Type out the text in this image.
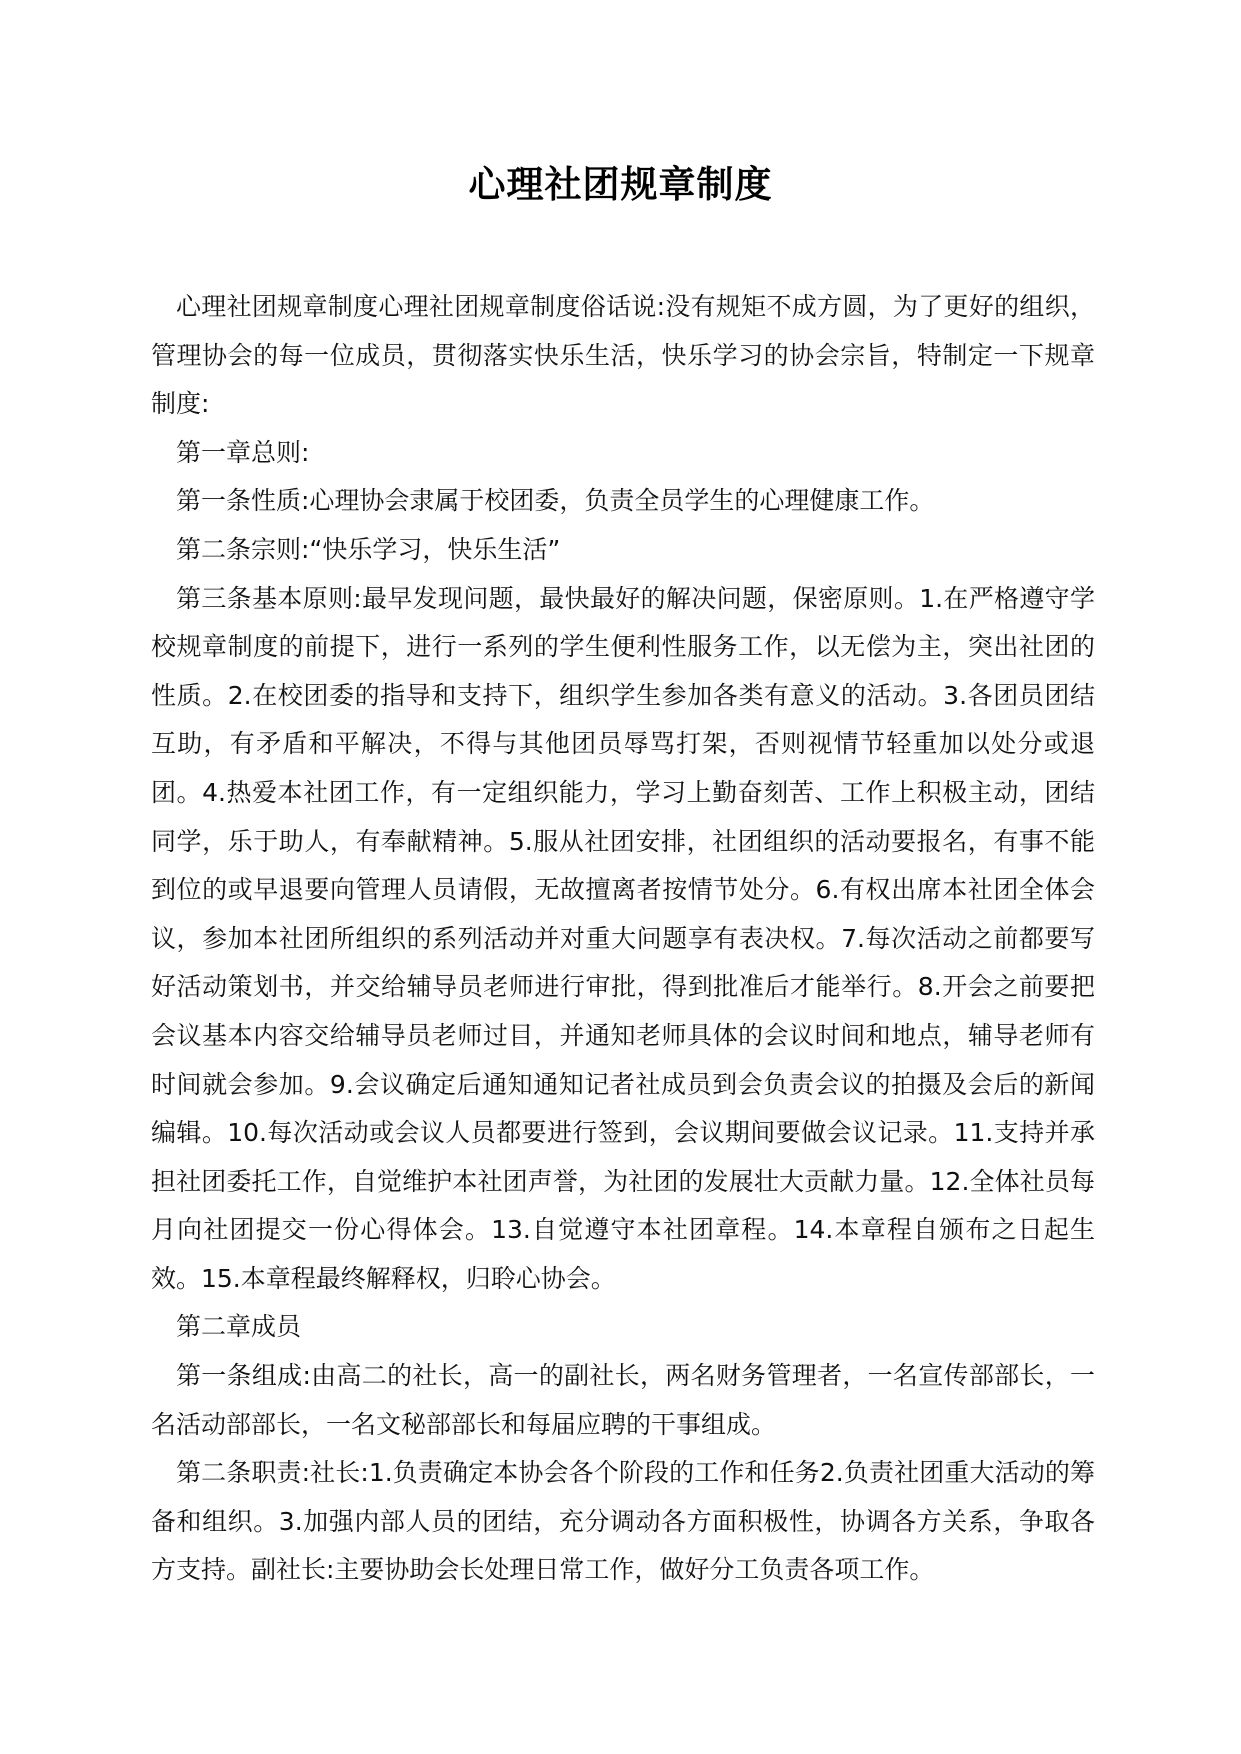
心理社团规章制度

心理社团规章制度心理社团规章制度俗话说:没有规矩不成方圆，为了更好的组织，管理协会的每一位成员，贯彻落实快乐生活，快乐学习的协会宗旨，特制定一下规章制度:

第一章总则:

第一条性质:心理协会隶属于校团委，负责全员学生的心理健康工作。

第二条宗则:“快乐学习，快乐生活”

第三条基本原则:最早发现问题，最快最好的解决问题，保密原则。1.在严格遵守学校规章制度的前提下，进行一系列的学生便利性服务工作，以无偿为主，突出社团的性质。2.在校团委的指导和支持下，组织学生参加各类有意义的活动。3.各团员团结互助，有矛盾和平解决，不得与其他团员辱骂打架，否则视情节轻重加以处分或退团。4.热爱本社团工作，有一定组织能力，学习上勤奋刻苦、工作上积极主动，团结同学，乐于助人，有奉献精神。5.服从社团安排，社团组织的活动要报名，有事不能到位的或早退要向管理人员请假，无故擅离者按情节处分。6.有权出席本社团全体会议，参加本社团所组织的系列活动并对重大问题享有表决权。7.每次活动之前都要写好活动策划书，并交给辅导员老师进行审批，得到批准后才能举行。8.开会之前要把会议基本内容交给辅导员老师过目，并通知老师具体的会议时间和地点，辅导老师有时间就会参加。9.会议确定后通知通知记者社成员到会负责会议的拍摄及会后的新闻编辑。10.每次活动或会议人员都要进行签到，会议期间要做会议记录。11.支持并承担社团委托工作，自觉维护本社团声誉，为社团的发展壮大贡献力量。12.全体社员每月向社团提交一份心得体会。13.自觉遵守本社团章程。14.本章程自颁布之日起生效。15.本章程最终解释权，归聆心协会。

第二章成员

第一条组成:由高二的社长，高一的副社长，两名财务管理者，一名宣传部部长，一名活动部部长，一名文秘部部长和每届应聘的干事组成。

第二条职责:社长:1.负责确定本协会各个阶段的工作和任务2.负责社团重大活动的筹备和组织。3.加强内部人员的团结，充分调动各方面积极性，协调各方关系，争取各方支持。副社长:主要协助会长处理日常工作，做好分工负责各项工作。
